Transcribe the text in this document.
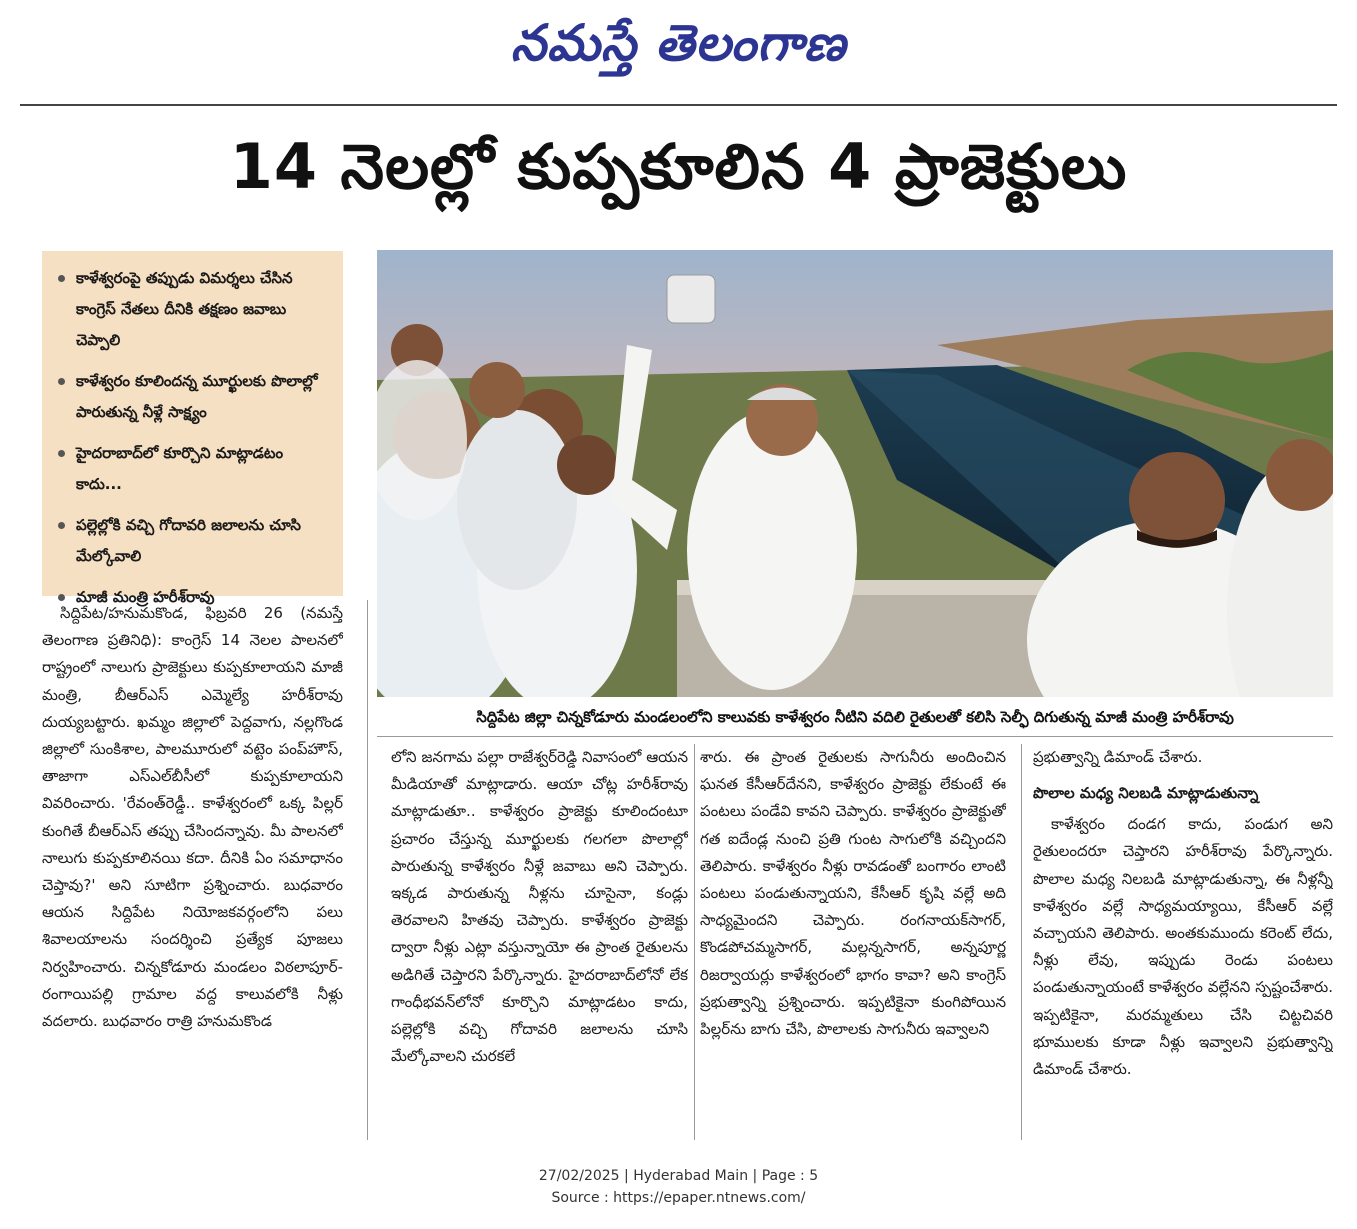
నమస్తే తెలంగాణ
14 నెలల్లో కుప్పకూలిన 4 ప్రాజెక్టులు
కాళేశ్వరంపై తప్పుడు విమర్శలు చేసిన కాంగ్రెస్ నేతలు దీనికి తక్షణం జవాబు చెప్పాలి
కాళేశ్వరం కూలిందన్న మూర్ఖులకు పొలాల్లో పారుతున్న నీళ్లే సాక్ష్యం
హైదరాబాద్‌లో కూర్చొని మాట్లాడటం కాదు...
పల్లెల్లోకి వచ్చి గోదావరి జలాలను చూసి మేల్కోవాలి
మాజీ మంత్రి హరీశ్‌రావు
సిద్దిపేట జిల్లా చిన్నకోడూరు మండలంలోని కాలువకు కాళేశ్వరం నీటిని వదిలి రైతులతో కలిసి సెల్ఫీ దిగుతున్న మాజీ మంత్రి హరీశ్‌రావు

సిద్దిపేట/హనుమకొండ, ఫిబ్రవరి 26 (నమస్తే తెలంగాణ ప్రతినిధి): కాంగ్రెస్ 14 నెలల పాలనలో రాష్ట్రంలో నాలుగు ప్రాజెక్టులు కుప్పకూలాయని మాజీ మంత్రి, బీఆర్ఎస్ ఎమ్మెల్యే హరీశ్‌రావు దుయ్యబట్టారు. ఖమ్మం జిల్లాలో పెద్దవాగు, నల్లగొండ జిల్లాలో సుంకిశాల, పాలమూరులో వట్టెం పంప్‌హౌస్, తాజాగా ఎస్‌ఎల్‌బీసీలో కుప్పకూలాయని వివరించారు. 'రేవంత్‌రెడ్డీ.. కాళేశ్వరంలో ఒక్క పిల్లర్ కుంగితే బీఆర్ఎస్ తప్పు చేసిందన్నావు. మీ పాలనలో నాలుగు కుప్పకూలినయి కదా. దీనికి ఏం సమాధానం చెప్తావు?' అని సూటిగా ప్రశ్నించారు. బుధవారం ఆయన సిద్దిపేట నియోజకవర్గంలోని పలు శివాలయాలను సందర్శించి ప్రత్యేక పూజలు నిర్వహించారు. చిన్నకోడూరు మండలం విఠలాపూర్-రంగాయిపల్లి గ్రామాల వద్ద కాలువలోకి నీళ్లు వదలారు. బుధవారం రాత్రి హనుమకొండ

లోని జనగామ పల్లా రాజేశ్వర్‌రెడ్డి నివాసంలో ఆయన మీడియాతో మాట్లాడారు. ఆయా చోట్ల హరీశ్‌రావు మాట్లాడుతూ.. కాళేశ్వరం ప్రాజెక్టు కూలిందంటూ ప్రచారం చేస్తున్న మూర్ఖులకు గలగలా పొలాల్లో పారుతున్న కాళేశ్వరం నీళ్లే జవాబు అని చెప్పారు. ఇక్కడ పారుతున్న నీళ్లను చూసైనా, కండ్లు తెరవాలని హితవు చెప్పారు. కాళేశ్వరం ప్రాజెక్టు ద్వారా నీళ్లు ఎట్లా వస్తున్నాయో ఈ ప్రాంత రైతులను అడిగితే చెప్తారని పేర్కొన్నారు. హైదరాబాద్‌లోనో లేక గాంధీభవన్‌లోనో కూర్చొని మాట్లాడటం కాదు, పల్లెల్లోకి వచ్చి గోదావరి జలాలను చూసి మేల్కోవాలని చురకలే

శారు. ఈ ప్రాంత రైతులకు సాగునీరు అందించిన ఘనత కేసీఆర్‌దేనని, కాళేశ్వరం ప్రాజెక్టు లేకుంటే ఈ పంటలు పండేవి కావని చెప్పారు. కాళేశ్వరం ప్రాజెక్టుతో గత ఐదేండ్ల నుంచి ప్రతి గుంట సాగులోకి వచ్చిందని తెలిపారు. కాళేశ్వరం నీళ్లు రావడంతో బంగారం లాంటి పంటలు పండుతున్నాయని, కేసీఆర్ కృషి వల్లే అది సాధ్యమైందని చెప్పారు. రంగనాయక్‌సాగర్, కొండపోచమ్మసాగర్, మల్లన్నసాగర్, అన్నపూర్ణ రిజర్వాయర్లు కాళేశ్వరంలో భాగం కావా? అని కాంగ్రెస్ ప్రభుత్వాన్ని ప్రశ్నించారు. ఇప్పటికైనా కుంగిపోయిన పిల్లర్‌ను బాగు చేసి, పొలాలకు సాగునీరు ఇవ్వాలని

ప్రభుత్వాన్ని డిమాండ్ చేశారు.

పొలాల మధ్య నిలబడి మాట్లాడుతున్నా

కాళేశ్వరం దండగ కాదు, పండుగ అని రైతులందరూ చెప్తారని హరీశ్‌రావు పేర్కొన్నారు. పొలాల మధ్య నిలబడి మాట్లాడుతున్నా, ఈ నీళ్లన్నీ కాళేశ్వరం వల్లే సాధ్యమయ్యాయి, కేసీఆర్ వల్లే వచ్చాయని తెలిపారు. అంతకుముందు కరెంట్ లేదు, నీళ్లు లేవు, ఇప్పుడు రెండు పంటలు పండుతున్నాయంటే కాళేశ్వరం వల్లేనని స్పష్టంచేశారు. ఇప్పటికైనా, మరమ్మతులు చేసి చిట్టచివరి భూములకు కూడా నీళ్లు ఇవ్వాలని ప్రభుత్వాన్ని డిమాండ్ చేశారు.

27/02/2025 | Hyderabad Main | Page : 5
Source : https://epaper.ntnews.com/
